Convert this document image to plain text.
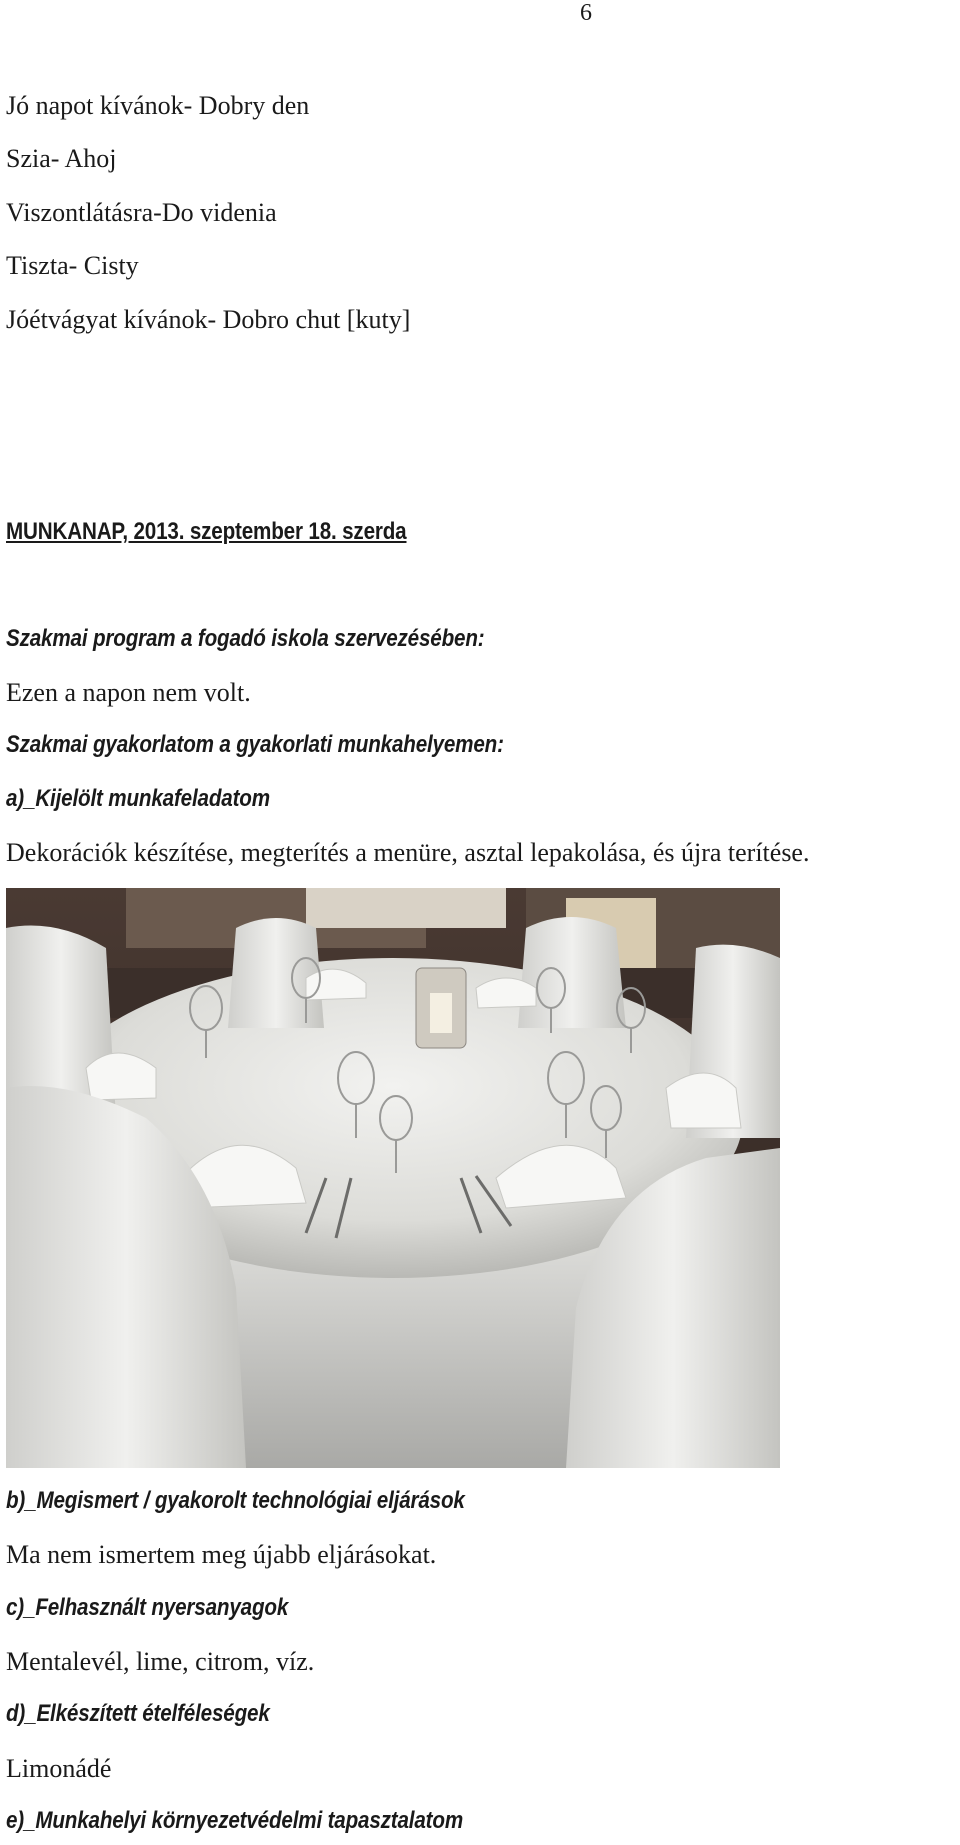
6
Jó napot kívánok- Dobry den
Szia- Ahoj
Viszontlátásra-Do videnia
Tiszta- Cisty
Jóétvágyat kívánok- Dobro chut [kuty]
MUNKANAP, 2013. szeptember 18. szerda
Szakmai program a fogadó iskola szervezésében:
Ezen a napon nem volt.
Szakmai gyakorlatom a gyakorlati munkahelyemen:
a)_Kijelölt munkafeladatom
Dekorációk készítése, megterítés a menüre, asztal lepakolása, és újra terítése.
b)_Megismert / gyakorolt technológiai eljárások
Ma nem ismertem meg újabb eljárásokat.
c)_Felhasznált nyersanyagok
Mentalevél, lime, citrom, víz.
d)_Elkészített ételféleségek
Limonádé
e)_Munkahelyi környezetvédelmi tapasztalatom
